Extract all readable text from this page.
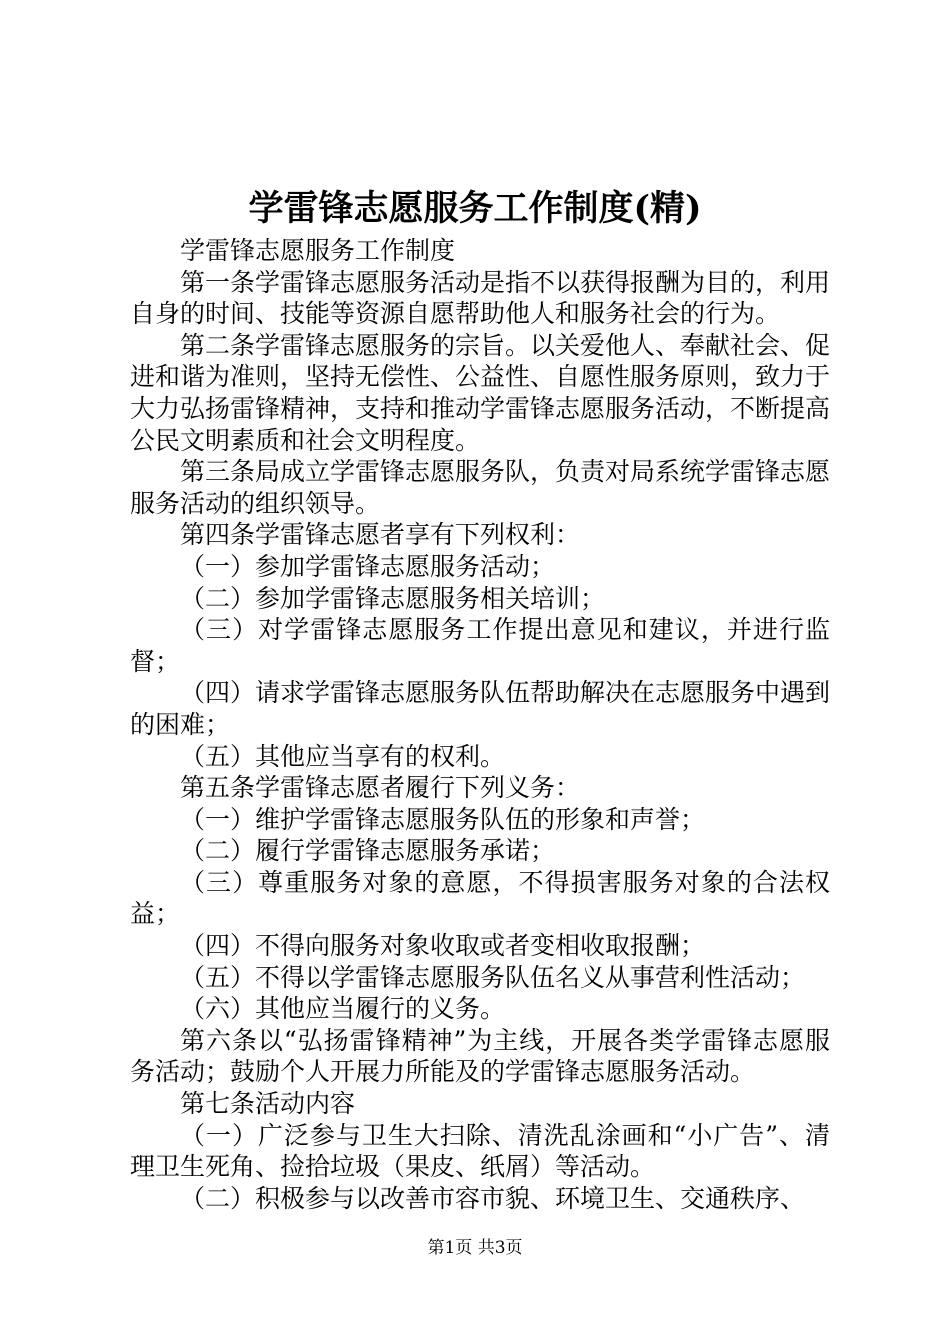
学雷锋志愿服务工作制度(精)

学雷锋志愿服务工作制度

第一条学雷锋志愿服务活动是指不以获得报酬为目的，利用自身的时间、技能等资源自愿帮助他人和服务社会的行为。

第二条学雷锋志愿服务的宗旨。以关爱他人、奉献社会、促进和谐为准则，坚持无偿性、公益性、自愿性服务原则，致力于大力弘扬雷锋精神，支持和推动学雷锋志愿服务活动，不断提高公民文明素质和社会文明程度。

第三条局成立学雷锋志愿服务队，负责对局系统学雷锋志愿服务活动的组织领导。

第四条学雷锋志愿者享有下列权利：

（一）参加学雷锋志愿服务活动；

（二）参加学雷锋志愿服务相关培训；

（三）对学雷锋志愿服务工作提出意见和建议，并进行监督；

（四）请求学雷锋志愿服务队伍帮助解决在志愿服务中遇到的困难；

（五）其他应当享有的权利。

第五条学雷锋志愿者履行下列义务：

（一）维护学雷锋志愿服务队伍的形象和声誉；

（二）履行学雷锋志愿服务承诺；

（三）尊重服务对象的意愿，不得损害服务对象的合法权益；

（四）不得向服务对象收取或者变相收取报酬；

（五）不得以学雷锋志愿服务队伍名义从事营利性活动；

（六）其他应当履行的义务。

第六条以“弘扬雷锋精神”为主线，开展各类学雷锋志愿服务活动；鼓励个人开展力所能及的学雷锋志愿服务活动。

第七条活动内容

（一）广泛参与卫生大扫除、清洗乱涂画和“小广告”、清理卫生死角、捡拾垃圾（果皮、纸屑）等活动。

（二）积极参与以改善市容市貌、环境卫生、交通秩序、

第1页 共3页
